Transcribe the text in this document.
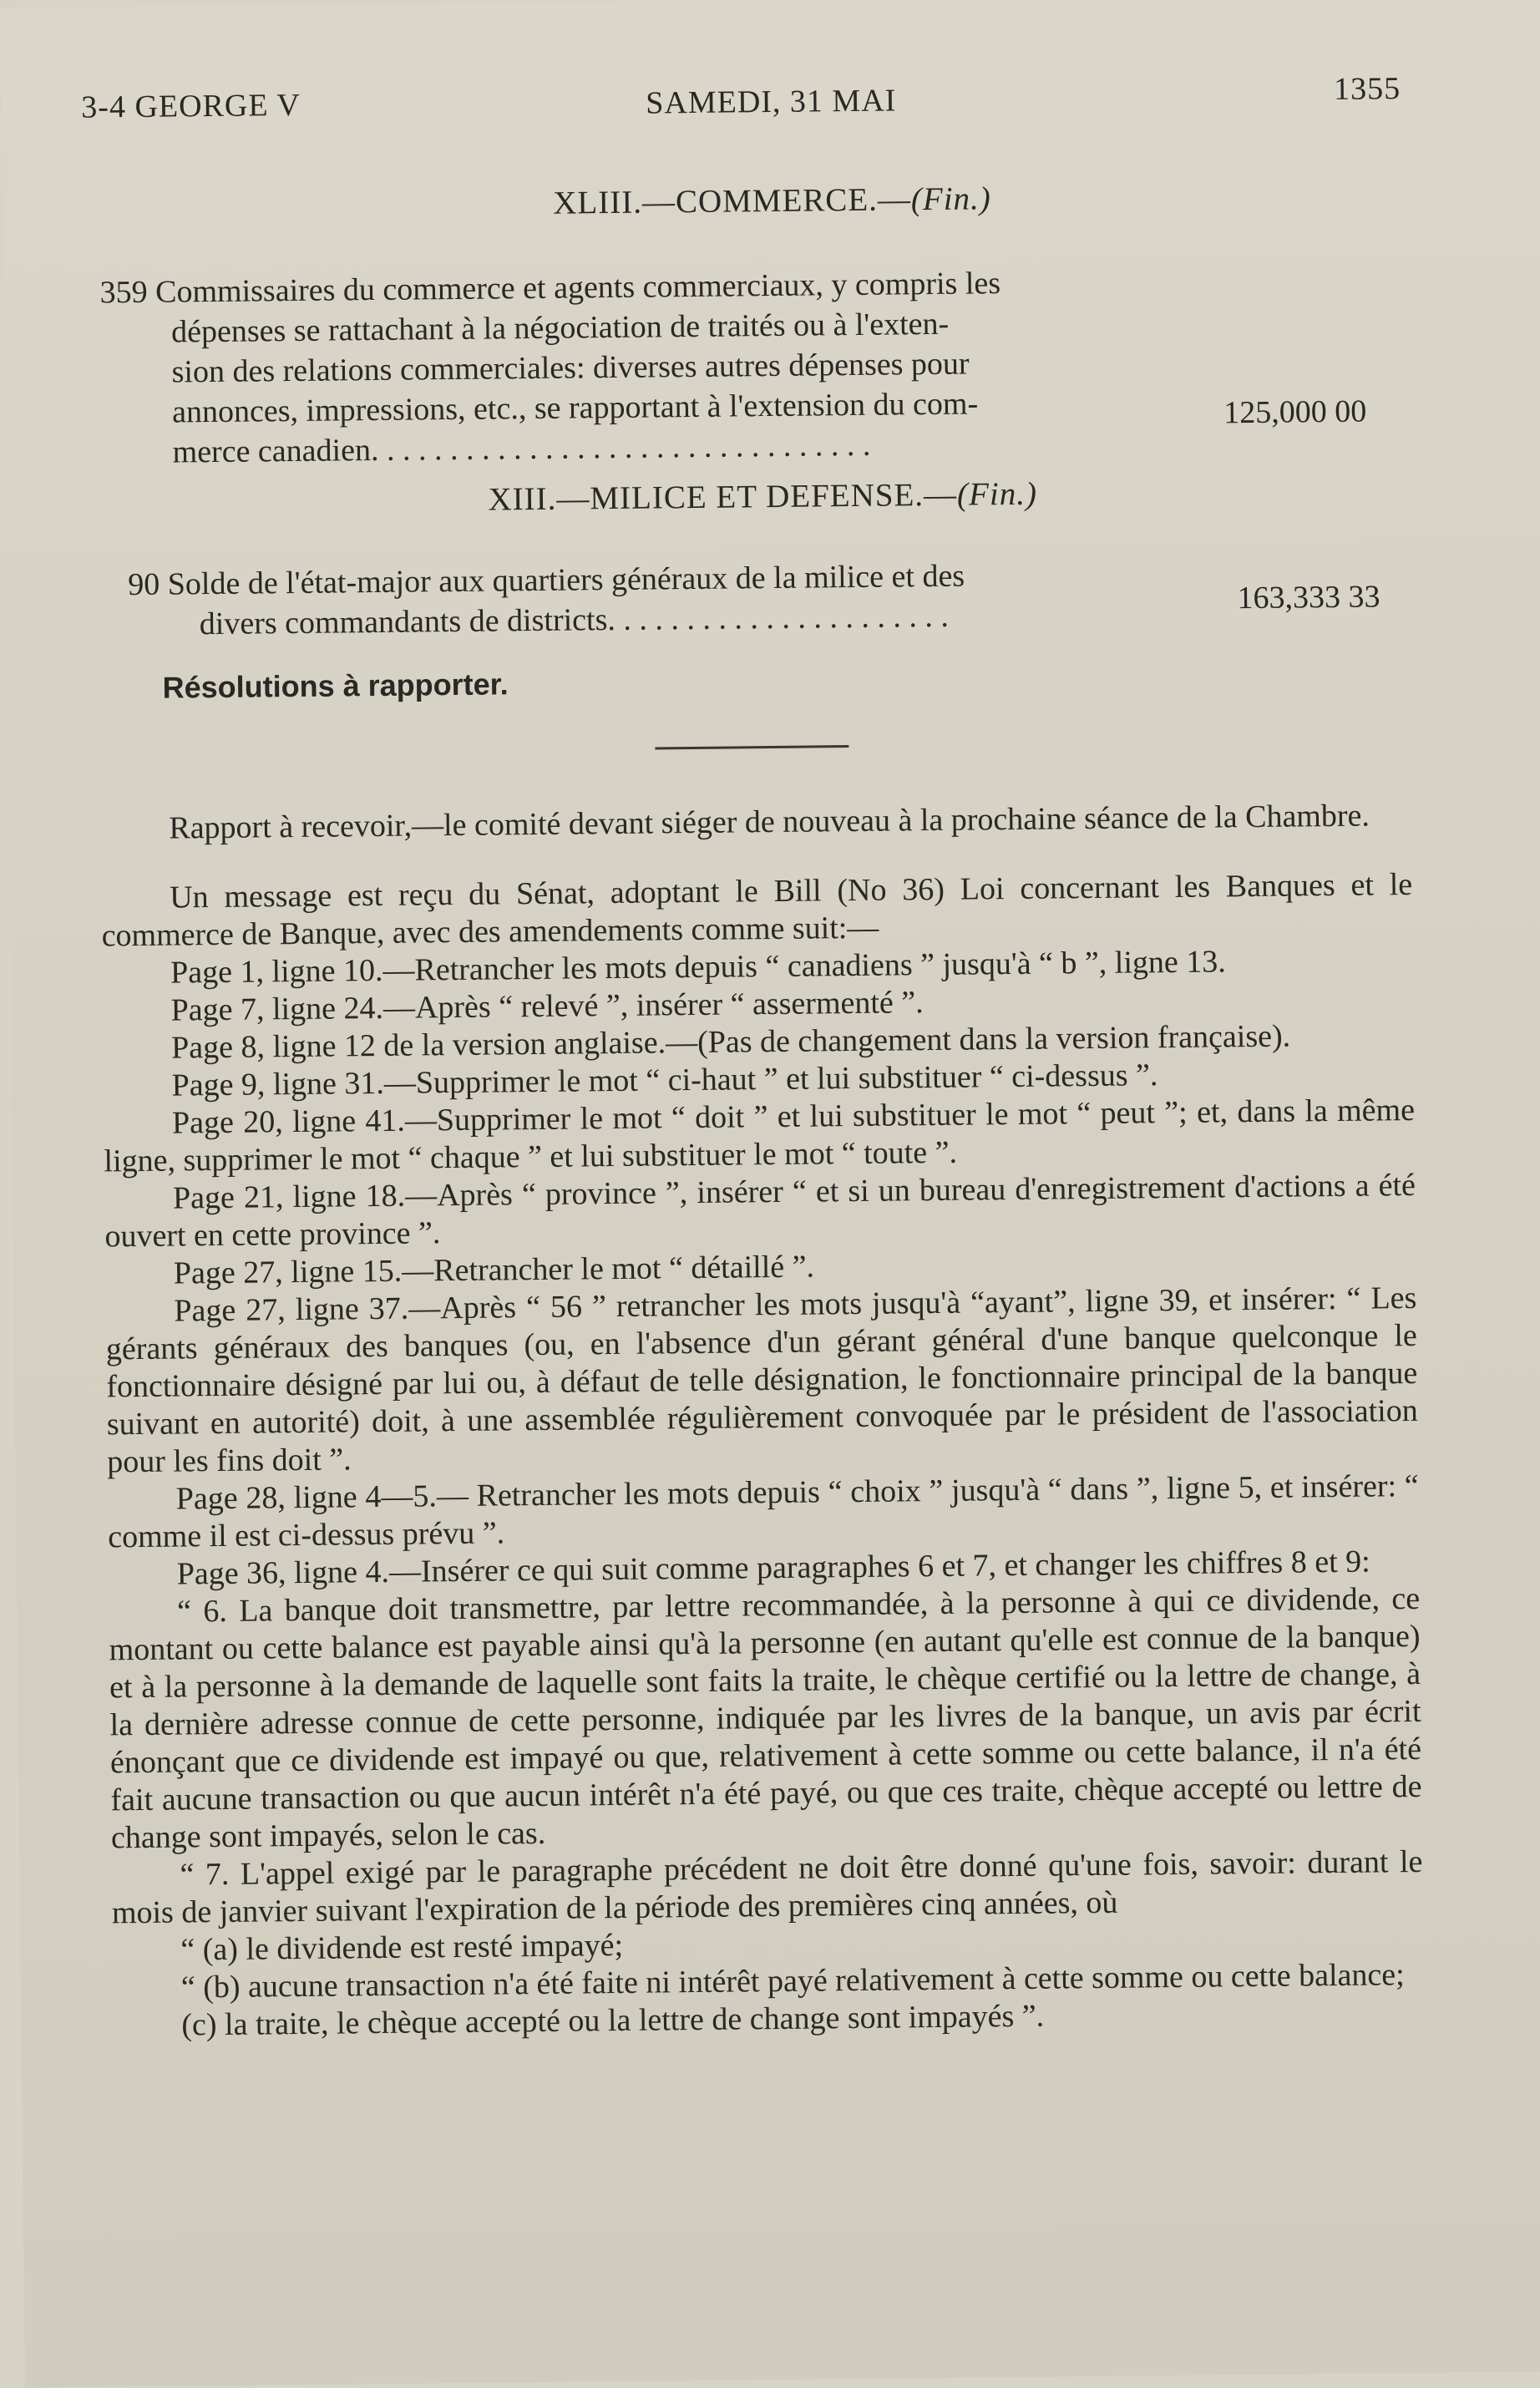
3-4 GEORGE V	SAMEDI, 31 MAI	1355
XLIII.—COMMERCE.—(Fin.)
359 Commissaires du commerce et agents commerciaux, y compris les
dépenses se rattachant à la négociation de traités ou à l'exten-
sion des relations commerciales: diverses autres dépenses pour
annonces, impressions, etc., se rapportant à l'extension du com-
merce canadien. . . . . . . . . . . . . . . . . . . . . . . . . . . . . . . .
125,000 00
XIII.—MILICE ET DEFENSE.—(Fin.)
90 Solde de l'état-major aux quartiers généraux de la milice et des
divers commandants de districts. . . . . . . . . . . . . . . . . . . . . .
163,333 33
Résolutions à rapporter.

Rapport à recevoir,—le comité devant siéger de nouveau à la prochaine séance de la Chambre.

Un message est reçu du Sénat, adoptant le Bill (No 36) Loi concernant les Banques et le commerce de Banque, avec des amendements comme suit:—

Page 1, ligne 10.—Retrancher les mots depuis “ canadiens ” jusqu'à “ b ”, ligne 13.

Page 7, ligne 24.—Après “ relevé ”, insérer “ assermenté ”.

Page 8, ligne 12 de la version anglaise.—(Pas de changement dans la version française).

Page 9, ligne 31.—Supprimer le mot “ ci-haut ” et lui substituer “ ci-dessus ”.

Page 20, ligne 41.—Supprimer le mot “ doit ” et lui substituer le mot “ peut ”; et, dans la même ligne, supprimer le mot “ chaque ” et lui substituer le mot “ toute ”.

Page 21, ligne 18.—Après “ province ”, insérer “ et si un bureau d'enregistrement d'actions a été ouvert en cette province ”.

Page 27, ligne 15.—Retrancher le mot “ détaillé ”.

Page 27, ligne 37.—Après “ 56 ” retrancher les mots jusqu'à “ayant”, ligne 39, et insérer: “ Les gérants généraux des banques (ou, en l'absence d'un gérant général d'une banque quelconque le fonctionnaire désigné par lui ou, à défaut de telle désignation, le fonctionnaire principal de la banque suivant en autorité) doit, à une assemblée régulièrement convoquée par le président de l'association pour les fins doit ”.

Page 28, ligne 4—5.— Retrancher les mots depuis “ choix ” jusqu'à “ dans ”, ligne 5, et insérer: “ comme il est ci-dessus prévu ”.

Page 36, ligne 4.—Insérer ce qui suit comme paragraphes 6 et 7, et changer les chiffres 8 et 9:

“ 6. La banque doit transmettre, par lettre recommandée, à la personne à qui ce dividende, ce montant ou cette balance est payable ainsi qu'à la personne (en autant qu'elle est connue de la banque) et à la personne à la demande de laquelle sont faits la traite, le chèque certifié ou la lettre de change, à la dernière adresse connue de cette personne, indiquée par les livres de la banque, un avis par écrit énonçant que ce dividende est impayé ou que, relativement à cette somme ou cette balance, il n'a été fait aucune transaction ou que aucun intérêt n'a été payé, ou que ces traite, chèque accepté ou lettre de change sont impayés, selon le cas.

“ 7. L'appel exigé par le paragraphe précédent ne doit être donné qu'une fois, savoir: durant le mois de janvier suivant l'expiration de la période des premières cinq années, où

“ (a) le dividende est resté impayé;

“ (b) aucune transaction n'a été faite ni intérêt payé relativement à cette somme ou cette balance;

(c) la traite, le chèque accepté ou la lettre de change sont impayés ”.
